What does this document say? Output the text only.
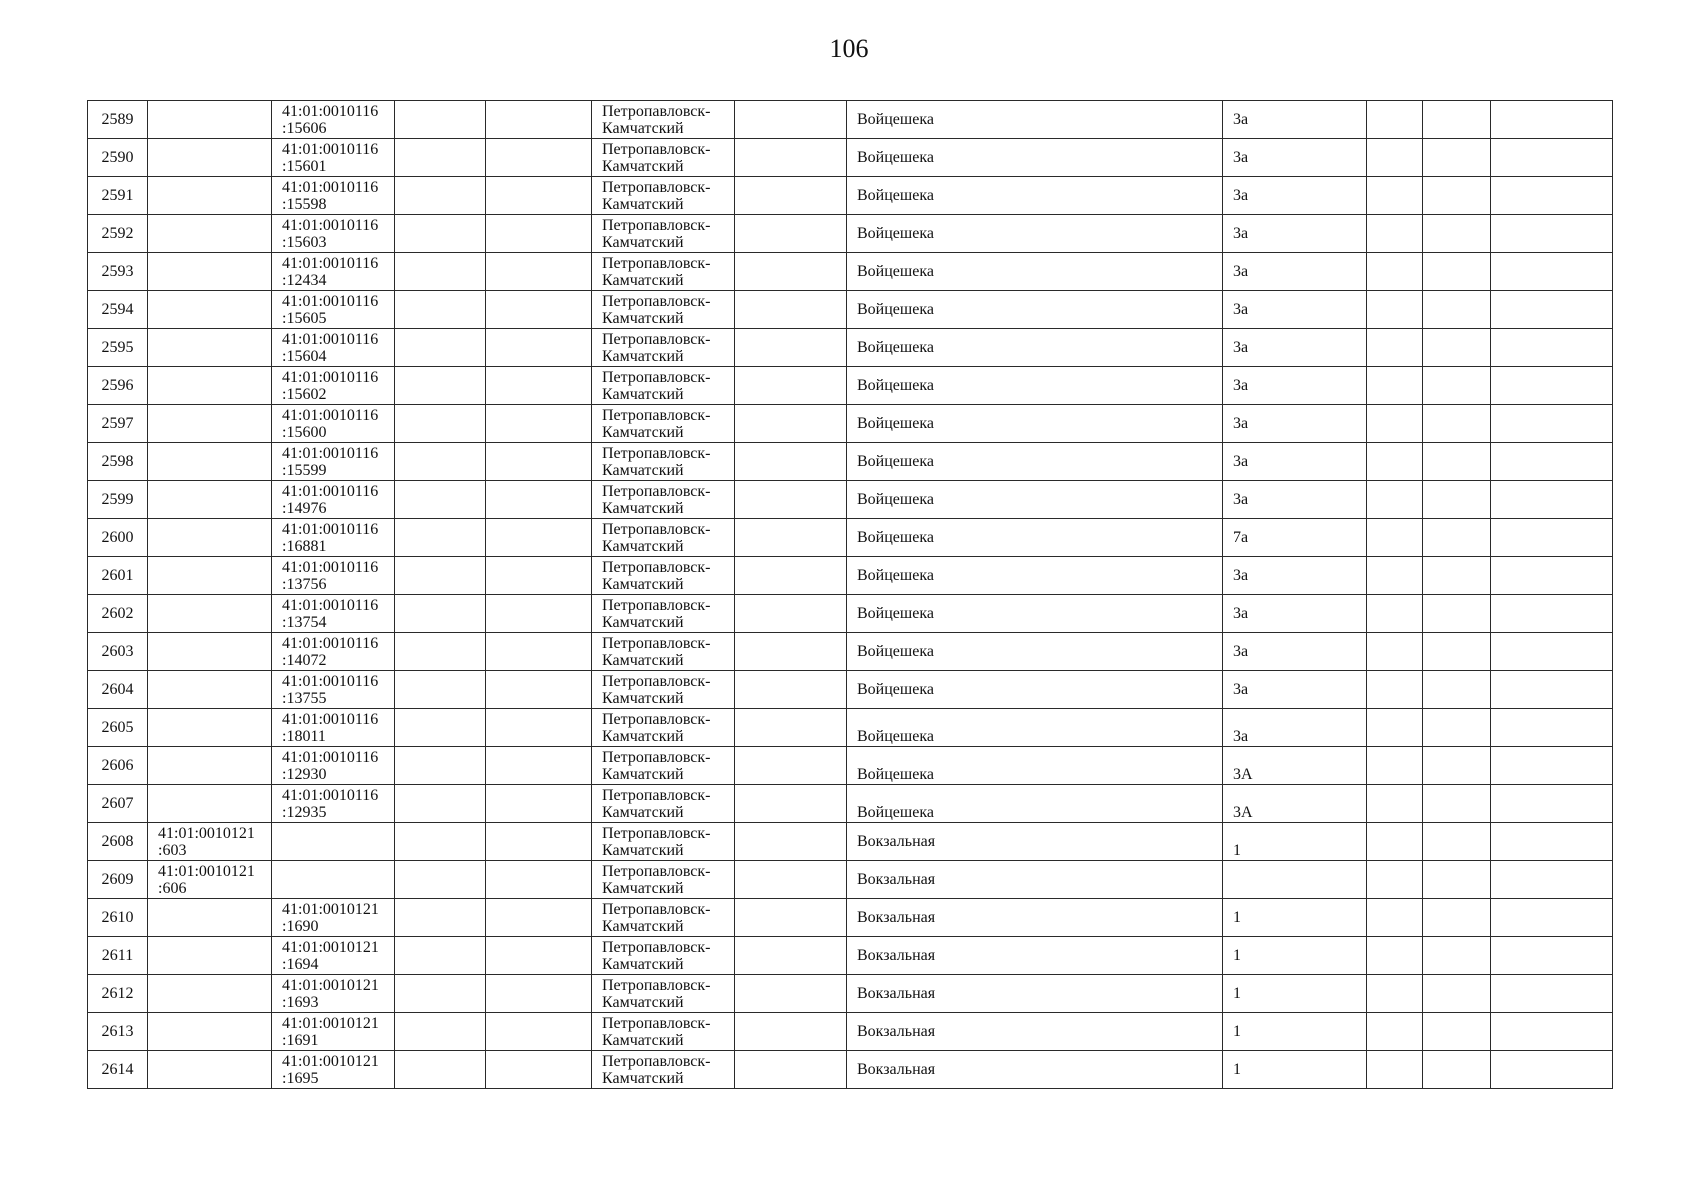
106
2589		41:01:0010116
:15606			Петропавловск-
Камчатский		Войцешека	3а			
2590		41:01:0010116
:15601			Петропавловск-
Камчатский		Войцешека	3а			
2591		41:01:0010116
:15598			Петропавловск-
Камчатский		Войцешека	3а			
2592		41:01:0010116
:15603			Петропавловск-
Камчатский		Войцешека	3а			
2593		41:01:0010116
:12434			Петропавловск-
Камчатский		Войцешека	3а			
2594		41:01:0010116
:15605			Петропавловск-
Камчатский		Войцешека	3а			
2595		41:01:0010116
:15604			Петропавловск-
Камчатский		Войцешека	3а			
2596		41:01:0010116
:15602			Петропавловск-
Камчатский		Войцешека	3а			
2597		41:01:0010116
:15600			Петропавловск-
Камчатский		Войцешека	3а			
2598		41:01:0010116
:15599			Петропавловск-
Камчатский		Войцешека	3а			
2599		41:01:0010116
:14976			Петропавловск-
Камчатский		Войцешека	3а			
2600		41:01:0010116
:16881			Петропавловск-
Камчатский		Войцешека	7а			
2601		41:01:0010116
:13756			Петропавловск-
Камчатский		Войцешека	3а			
2602		41:01:0010116
:13754			Петропавловск-
Камчатский		Войцешека	3а			
2603		41:01:0010116
:14072			Петропавловск-
Камчатский		Войцешека	3а			
2604		41:01:0010116
:13755			Петропавловск-
Камчатский		Войцешека	3а			
2605		41:01:0010116
:18011			Петропавловск-
Камчатский		Войцешека	3а			
2606		41:01:0010116
:12930			Петропавловск-
Камчатский		Войцешека	3А			
2607		41:01:0010116
:12935			Петропавловск-
Камчатский		Войцешека	3А			
2608	41:01:0010121
:603				Петропавловск-
Камчатский		Вокзальная	1			
2609	41:01:0010121
:606				Петропавловск-
Камчатский		Вокзальная				
2610		41:01:0010121
:1690			Петропавловск-
Камчатский		Вокзальная	1			
2611		41:01:0010121
:1694			Петропавловск-
Камчатский		Вокзальная	1			
2612		41:01:0010121
:1693			Петропавловск-
Камчатский		Вокзальная	1			
2613		41:01:0010121
:1691			Петропавловск-
Камчатский		Вокзальная	1			
2614		41:01:0010121
:1695			Петропавловск-
Камчатский		Вокзальная	1			
